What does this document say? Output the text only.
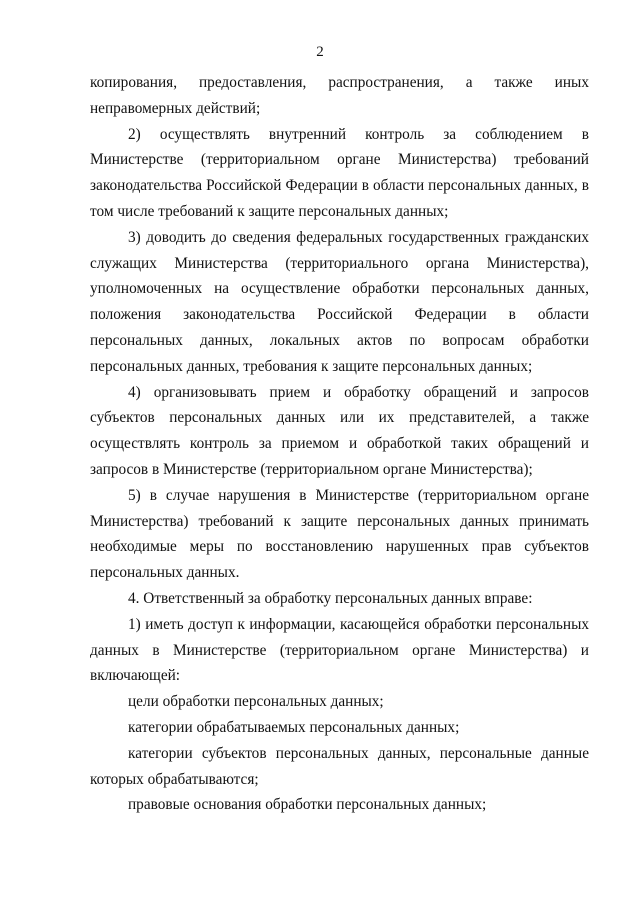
2

копирования, предоставления, распространения, а также иных неправомерных действий;

2) осуществлять внутренний контроль за соблюдением в Министерстве (территориальном органе Министерства) требований законодательства Российской Федерации в области персональных данных, в том числе требований к защите персональных данных;

3) доводить до сведения федеральных государственных гражданских служащих Министерства (территориального органа Министерства), уполномоченных на осуществление обработки персональных данных, положения законодательства Российской Федерации в области персональных данных, локальных актов по вопросам обработки персональных данных, требования к защите персональных данных;

4) организовывать прием и обработку обращений и запросов субъектов персональных данных или их представителей, а также осуществлять контроль за приемом и обработкой таких обращений и запросов в Министерстве (территориальном органе Министерства);

5) в случае нарушения в Министерстве (территориальном органе Министерства) требований к защите персональных данных принимать необходимые меры по восстановлению нарушенных прав субъектов персональных данных.

4. Ответственный за обработку персональных данных вправе:

1) иметь доступ к информации, касающейся обработки персональных данных в Министерстве (территориальном органе Министерства) и включающей:

цели обработки персональных данных;

категории обрабатываемых персональных данных;

категории субъектов персональных данных, персональные данные которых обрабатываются;

правовые основания обработки персональных данных;
